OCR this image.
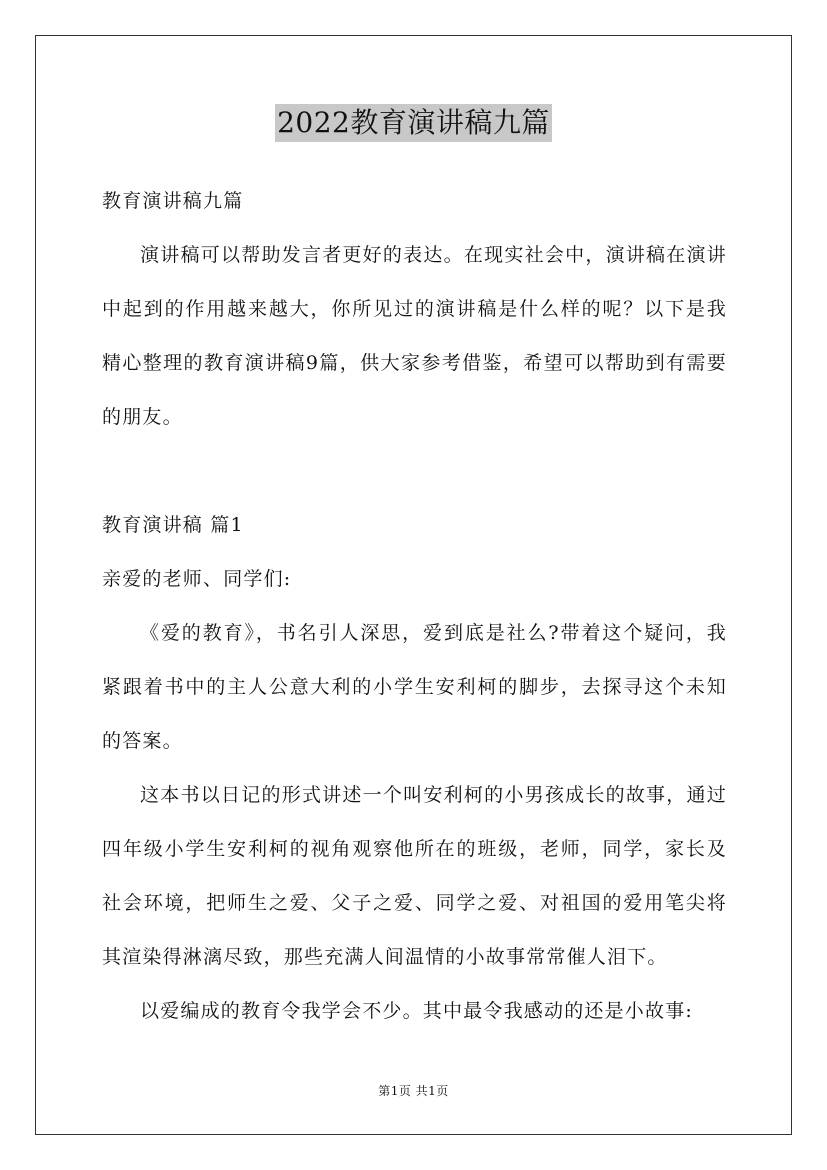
2022教育演讲稿九篇

教育演讲稿九篇

演讲稿可以帮助发言者更好的表达。在现实社会中，演讲稿在演讲中起到的作用越来越大，你所见过的演讲稿是什么样的呢？以下是我精心整理的教育演讲稿9篇，供大家参考借鉴，希望可以帮助到有需要的朋友。

教育演讲稿 篇1

亲爱的老师、同学们:

《爱的教育》，书名引人深思，爱到底是社么?带着这个疑问，我紧跟着书中的主人公意大利的小学生安利柯的脚步，去探寻这个未知的答案。

这本书以日记的形式讲述一个叫安利柯的小男孩成长的故事，通过四年级小学生安利柯的视角观察他所在的班级，老师，同学，家长及社会环境，把师生之爱、父子之爱、同学之爱、对祖国的爱用笔尖将其渲染得淋漓尽致，那些充满人间温情的小故事常常催人泪下。

以爱编成的教育令我学会不少。其中最令我感动的还是小故事:

第1页 共1页
